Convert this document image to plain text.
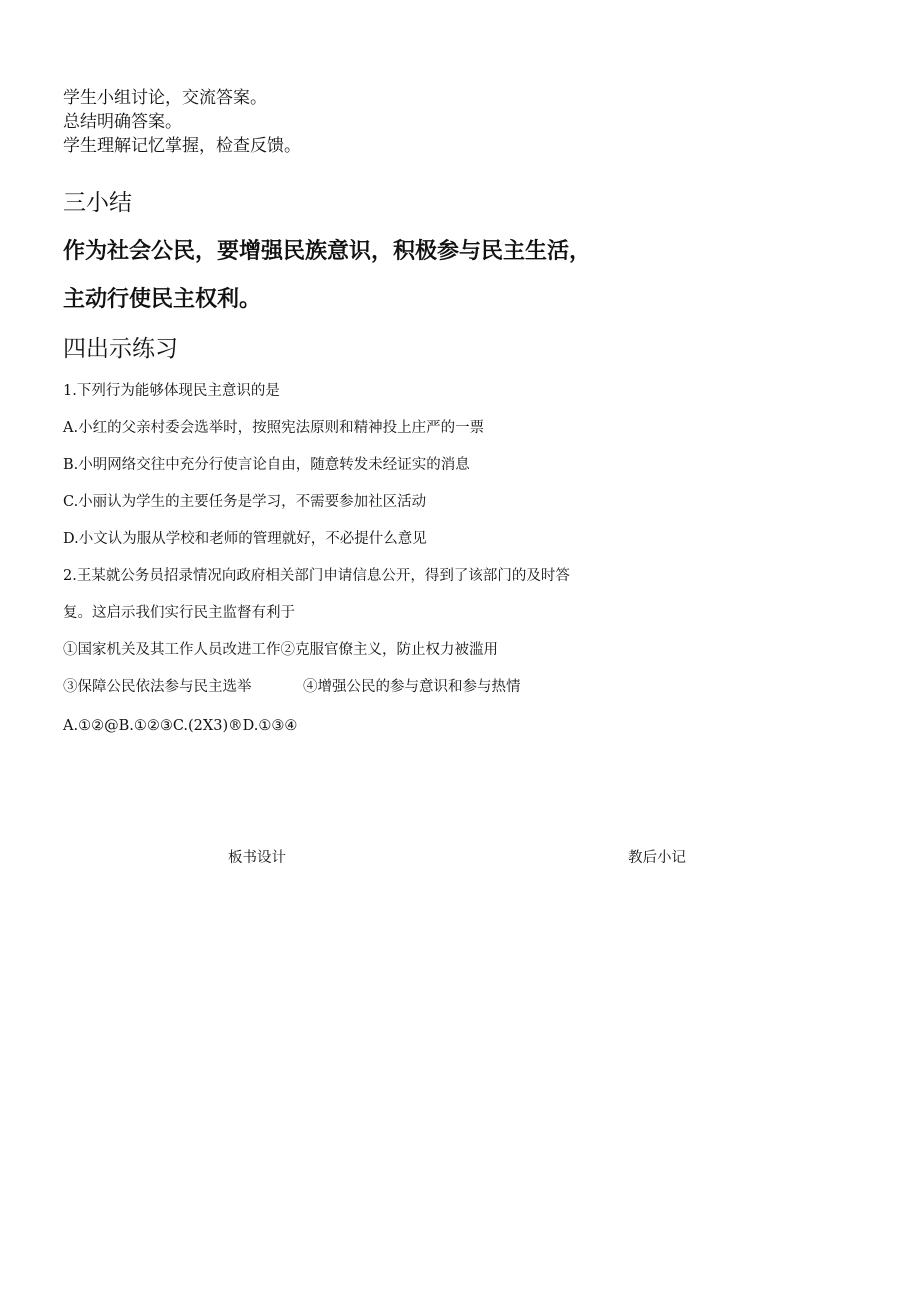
学生小组讨论，交流答案。
总结明确答案。
学生理解记忆掌握，检查反馈。
三小结
作为社会公民，要增强民族意识，积极参与民主生活，
主动行使民主权利。
四出示练习
1.下列行为能够体现民主意识的是
A.小红的父亲村委会选举时，按照宪法原则和精神投上庄严的一票
B.小明网络交往中充分行使言论自由，随意转发未经证实的消息
C.小丽认为学生的主要任务是学习，不需要参加社区活动
D.小文认为服从学校和老师的管理就好，不必提什么意见
2.王某就公务员招录情况向政府相关部门申请信息公开，得到了该部门的及时答
复。这启示我们实行民主监督有利于
①国家机关及其工作人员改进工作②克服官僚主义，防止权力被滥用
③保障公民依法参与民主选举	④增强公民的参与意识和参与热情
A.①②@B.①②③C.(2X3)®D.①③④
板书设计	教后小记
